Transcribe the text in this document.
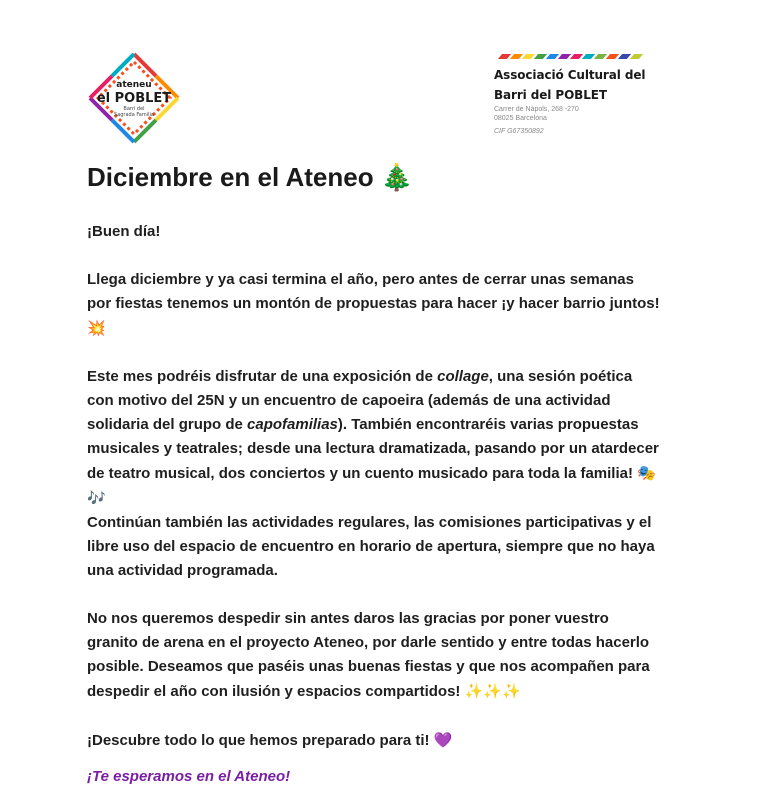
ateneu
el POBLET
Barri del
Sagrada Família
Associació Cultural del
Barri del POBLET
Carrer de Nàpols, 268 -270
08025 Barcelona
CIF G67350892
Diciembre en el Ateneo 🎄

¡Buen día!

Llega diciembre y ya casi termina el año, pero antes de cerrar unas semanas por fiestas tenemos un montón de propuestas para hacer ¡y hacer barrio juntos! 💥

Este mes podréis disfrutar de una exposición de collage, una sesión poética con motivo del 25N y un encuentro de capoeira (además de una actividad solidaria del grupo de capofamilias). También encontraréis varias propuestas musicales y teatrales; desde una lectura dramatizada, pasando por un atardecer de teatro musical, dos conciertos y un cuento musicado para toda la familia! 🎭🎶

Continúan también las actividades regulares, las comisiones participativas y el libre uso del espacio de encuentro en horario de apertura, siempre que no haya una actividad programada.

No nos queremos despedir sin antes daros las gracias por poner vuestro granito de arena en el proyecto Ateneo, por darle sentido y entre todas hacerlo posible. Deseamos que paséis unas buenas fiestas y que nos acompañen para despedir el año con ilusión y espacios compartidos! ✨✨✨

¡Descubre todo lo que hemos preparado para ti! 💜

¡Te esperamos en el Ateneo!
